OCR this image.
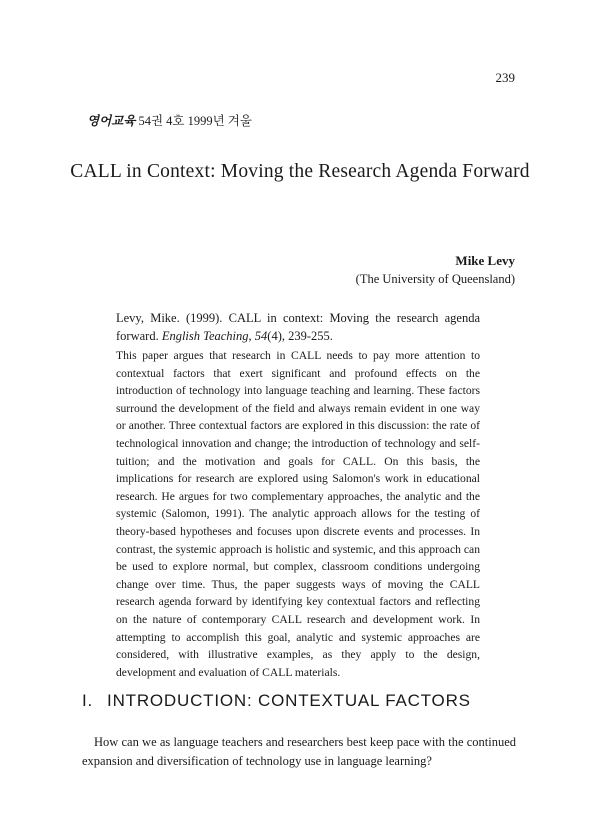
239
영어교육 54권 4호 1999년 겨울
CALL in Context: Moving the Research Agenda Forward
Mike Levy
(The University of Queensland)
Levy, Mike. (1999). CALL in context: Moving the research agenda forward. English Teaching, 54(4), 239-255.
This paper argues that research in CALL needs to pay more attention to contextual factors that exert significant and profound effects on the introduction of technology into language teaching and learning. These factors surround the development of the field and always remain evident in one way or another. Three contextual factors are explored in this discussion: the rate of technological innovation and change; the introduction of technology and self-tuition; and the motivation and goals for CALL. On this basis, the implications for research are explored using Salomon's work in educational research. He argues for two complementary approaches, the analytic and the systemic (Salomon, 1991). The analytic approach allows for the testing of theory-based hypotheses and focuses upon discrete events and processes. In contrast, the systemic approach is holistic and systemic, and this approach can be used to explore normal, but complex, classroom conditions undergoing change over time. Thus, the paper suggests ways of moving the CALL research agenda forward by identifying key contextual factors and reflecting on the nature of contemporary CALL research and development work. In attempting to accomplish this goal, analytic and systemic approaches are considered, with illustrative examples, as they apply to the design, development and evaluation of CALL materials.
I. INTRODUCTION: CONTEXTUAL FACTORS
How can we as language teachers and researchers best keep pace with the continued expansion and diversification of technology use in language learning?
